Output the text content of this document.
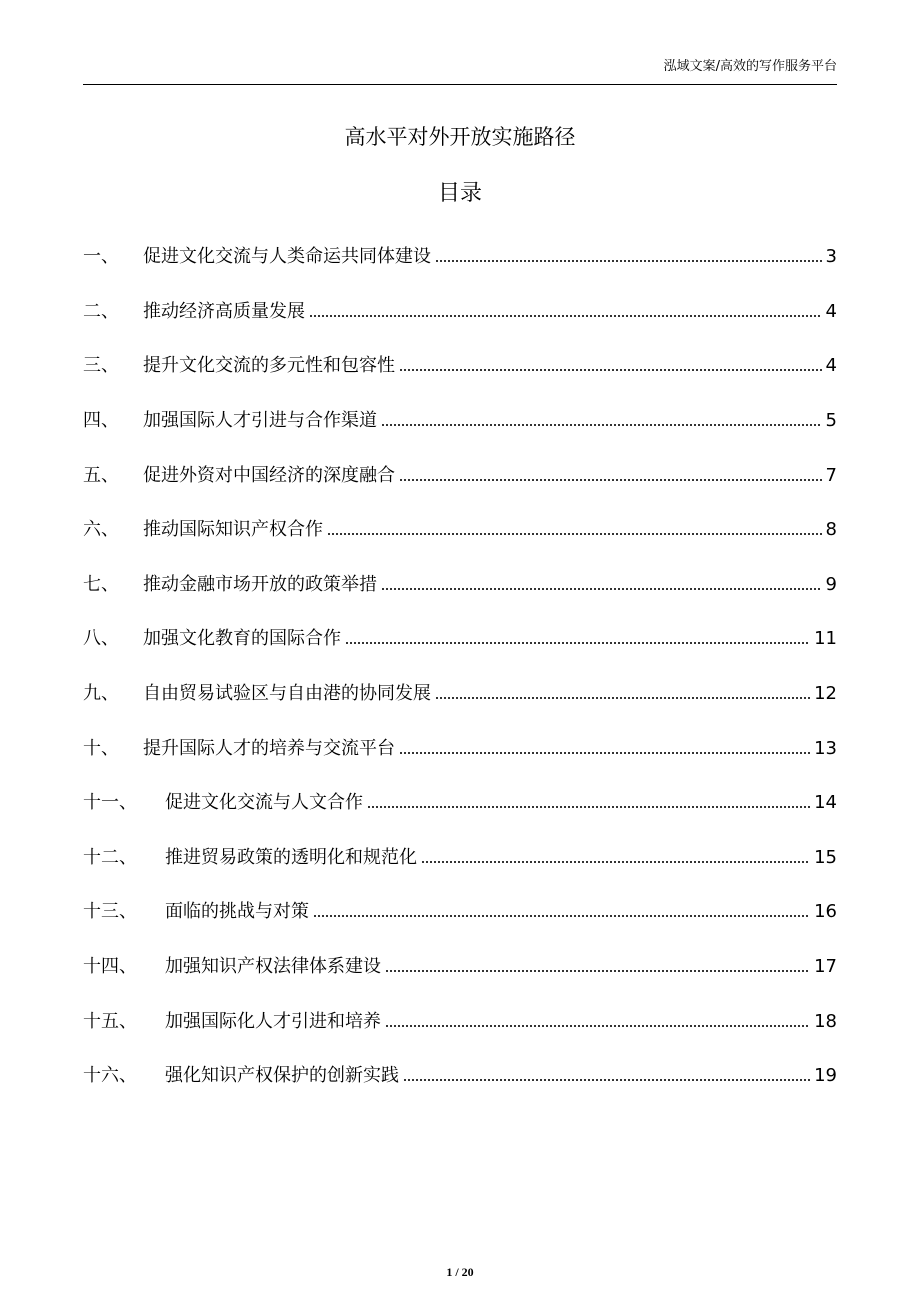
泓域文案/高效的写作服务平台
高水平对外开放实施路径
目录
一、	促进文化交流与人类命运共同体建设	3
二、	推动经济高质量发展	4
三、	提升文化交流的多元性和包容性	4
四、	加强国际人才引进与合作渠道	5
五、	促进外资对中国经济的深度融合	7
六、	推动国际知识产权合作	8
七、	推动金融市场开放的政策举措	9
八、	加强文化教育的国际合作	11
九、	自由贸易试验区与自由港的协同发展	12
十、	提升国际人才的培养与交流平台	13
十一、	促进文化交流与人文合作	14
十二、	推进贸易政策的透明化和规范化	15
十三、	面临的挑战与对策	16
十四、	加强知识产权法律体系建设	17
十五、	加强国际化人才引进和培养	18
十六、	强化知识产权保护的创新实践	19
1 / 20
